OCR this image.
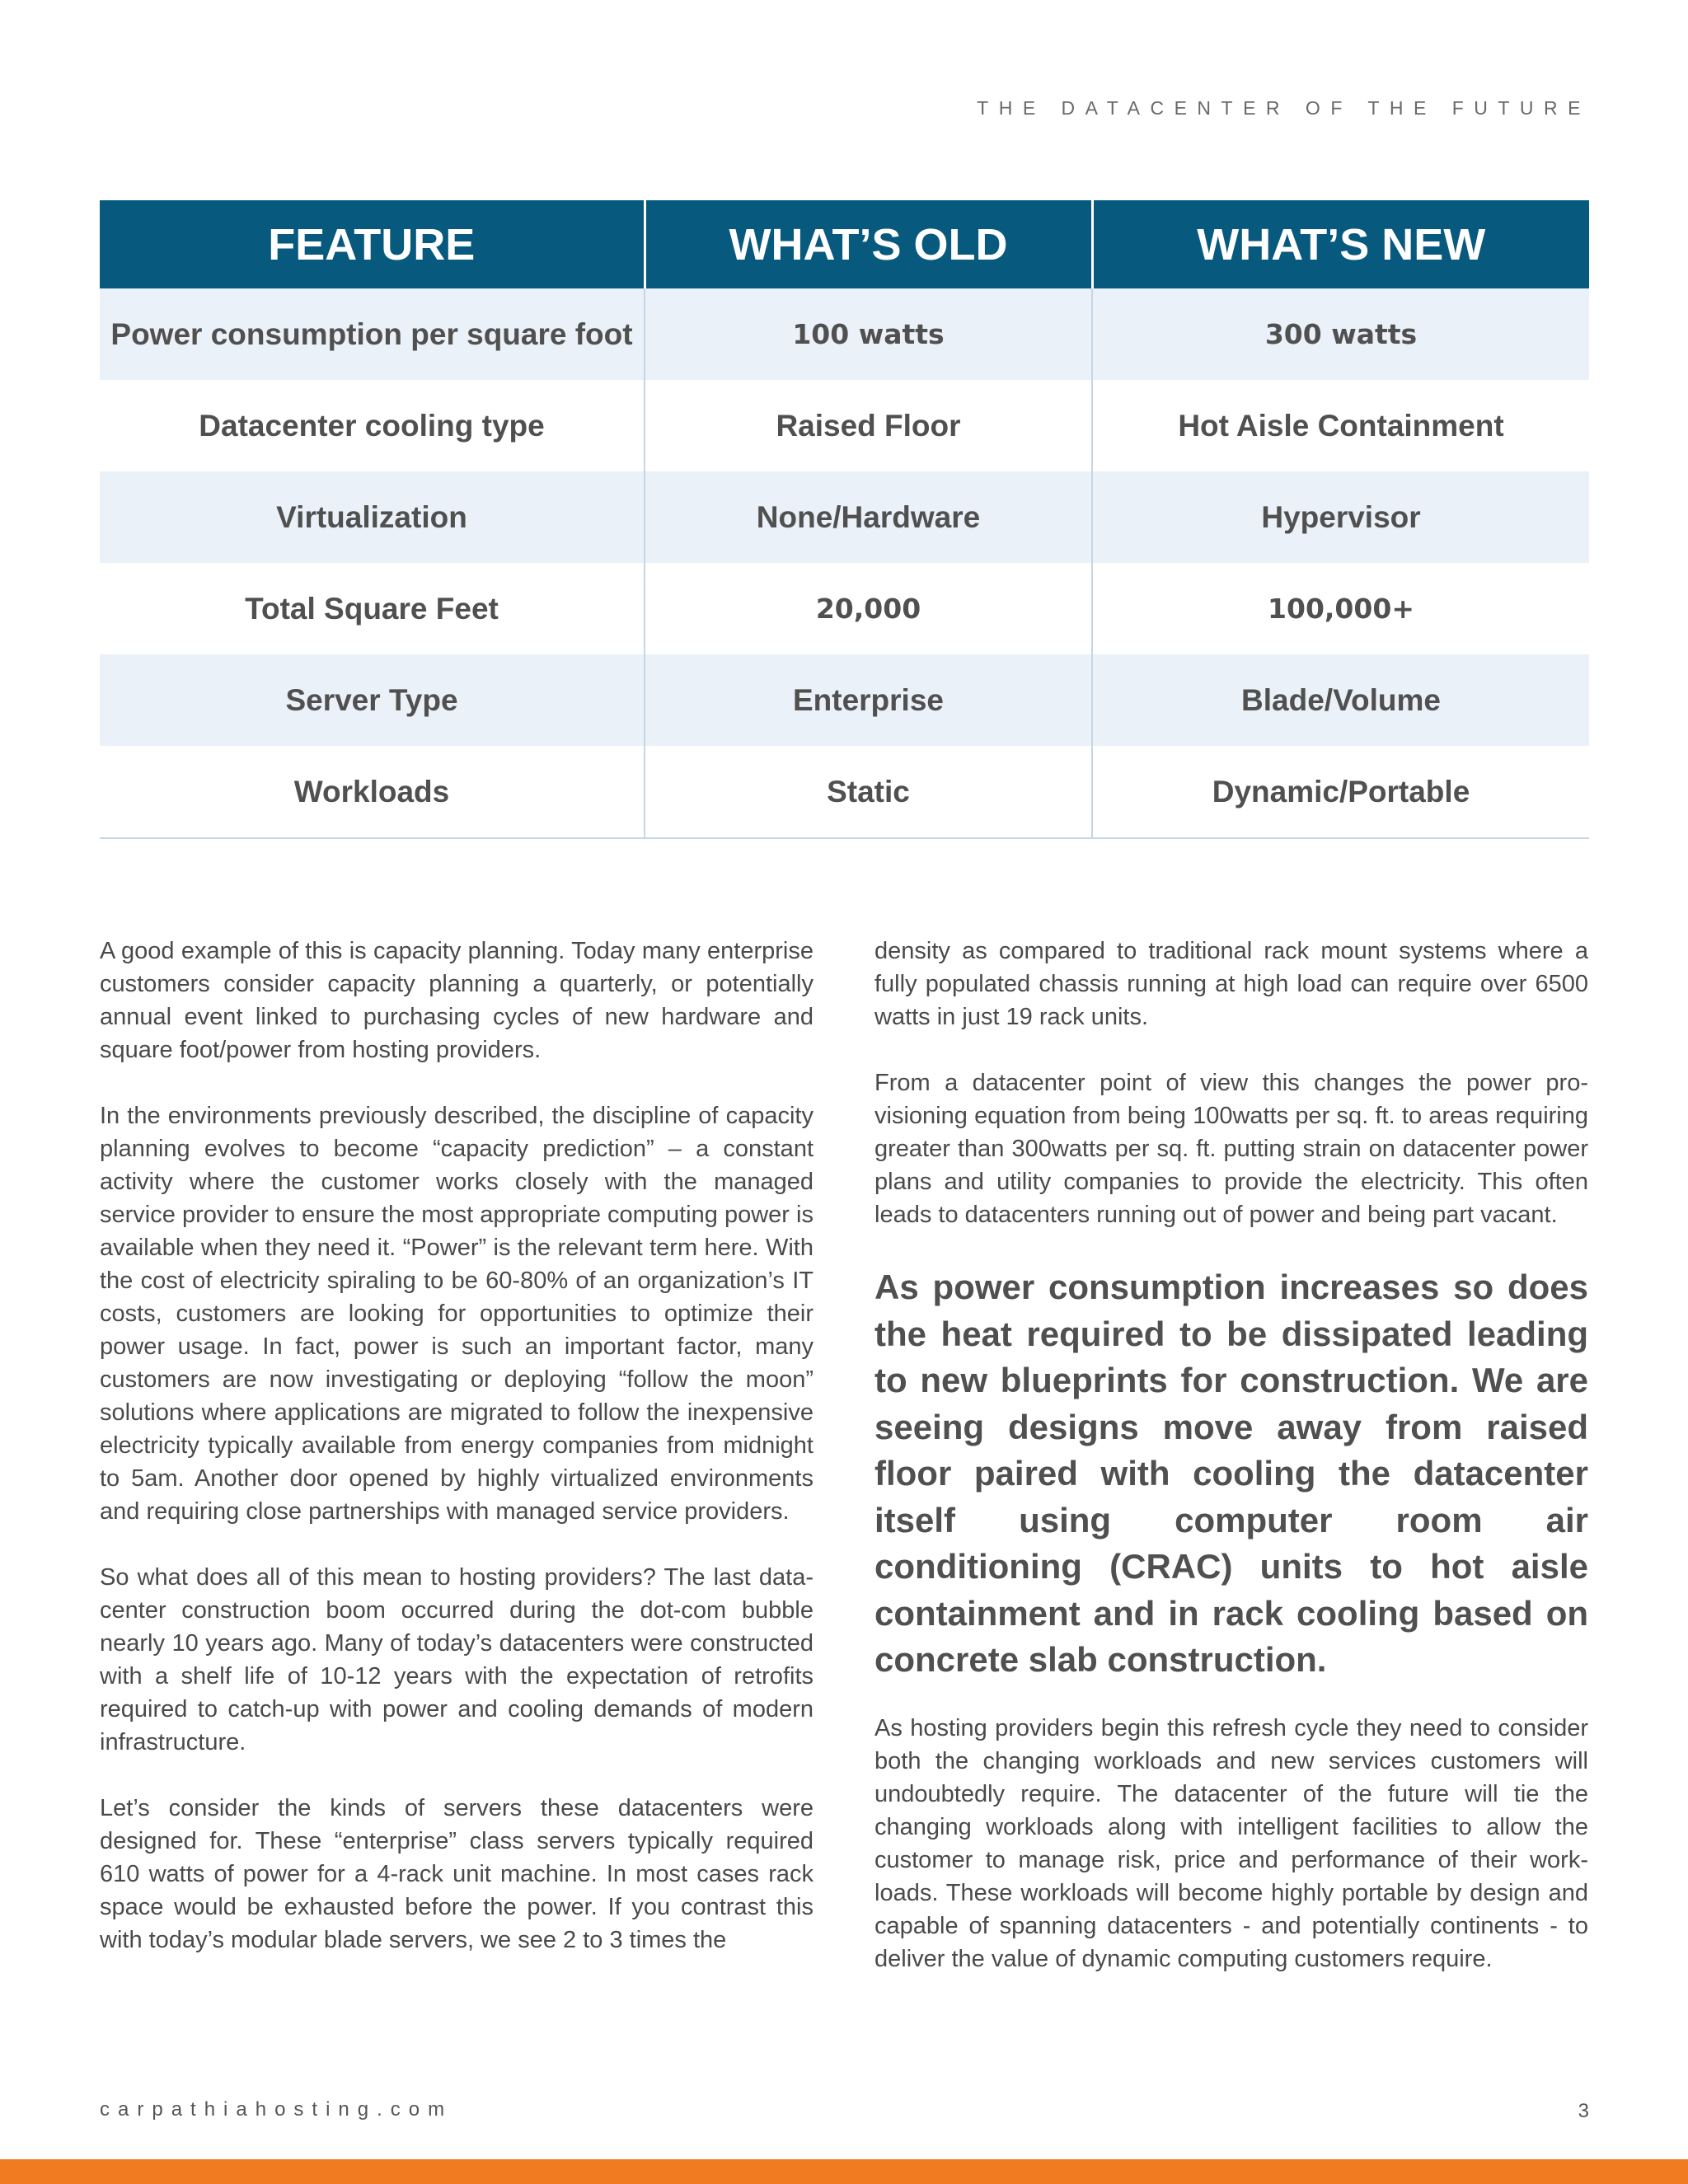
THE DATACENTER OF THE FUTURE
FEATURE	WHAT’S OLD	WHAT’S NEW
Power consumption per square foot	100 watts	300 watts
Datacenter cooling type	Raised Floor	Hot Aisle Containment
Virtualization	None/Hardware	Hypervisor
Total Square Feet	20,000	100,000+
Server Type	Enterprise	Blade/Volume
Workloads	Static	Dynamic/Portable

A good example of this is capacity planning. Today many enterprise customers consider capacity planning a quarterly, or potentially annual event linked to purchasing cycles of new hardware and square foot/power from hosting providers.

In the environments previously described, the discipline of capacity planning evolves to become “capacity prediction” – a constant activity where the customer works closely with the managed service provider to ensure the most appropriate computing power is available when they need it. “Power” is the relevant term here. With the cost of electricity spiraling to be 60-80% of an organization’s IT costs, customers are looking for opportunities to optimize their power usage. In fact, power is such an important factor, many customers are now investigating or deploying “follow the moon” solutions where applications are migrated to follow the inexpensive electricity typically available from energy companies from midnight to 5am. Another door opened by highly virtualized environments and requiring close partnerships with managed service providers.

So what does all of this mean to hosting providers? The last datacenter construction boom occurred during the dot-com bubble nearly 10 years ago. Many of today’s datacenters were constructed with a shelf life of 10-12 years with the expectation of retrofits required to catch-up with power and cooling demands of modern infrastructure.

Let’s consider the kinds of servers these datacenters were designed for. These “enterprise” class servers typically required 610 watts of power for a 4-rack unit machine. In most cases rack space would be exhausted before the power. If you contrast this with today’s modular blade servers, we see 2 to 3 times the

density as compared to traditional rack mount systems where a fully populated chassis running at high load can require over 6500 watts in just 19 rack units.

From a datacenter point of view this changes the power provisioning equation from being 100watts per sq. ft. to areas requiring greater than 300watts per sq. ft. putting strain on datacenter power plans and utility companies to provide the electricity. This often leads to datacenters running out of power and being part vacant.

As power consumption increases so does the heat required to be dissipated leading to new blueprints for construction. We are seeing designs move away from raised floor paired with cooling the datacenter itself using computer room air conditioning (CRAC) units to hot aisle containment and in rack cooling based on concrete slab construction.

As hosting providers begin this refresh cycle they need to consider both the changing workloads and new services customers will undoubtedly require. The datacenter of the future will tie the changing workloads along with intelligent facilities to allow the customer to manage risk, price and performance of their workloads. These workloads will become highly portable by design and capable of spanning datacenters - and potentially continents - to deliver the value of dynamic computing customers require.

carpathiahosting.com	3
